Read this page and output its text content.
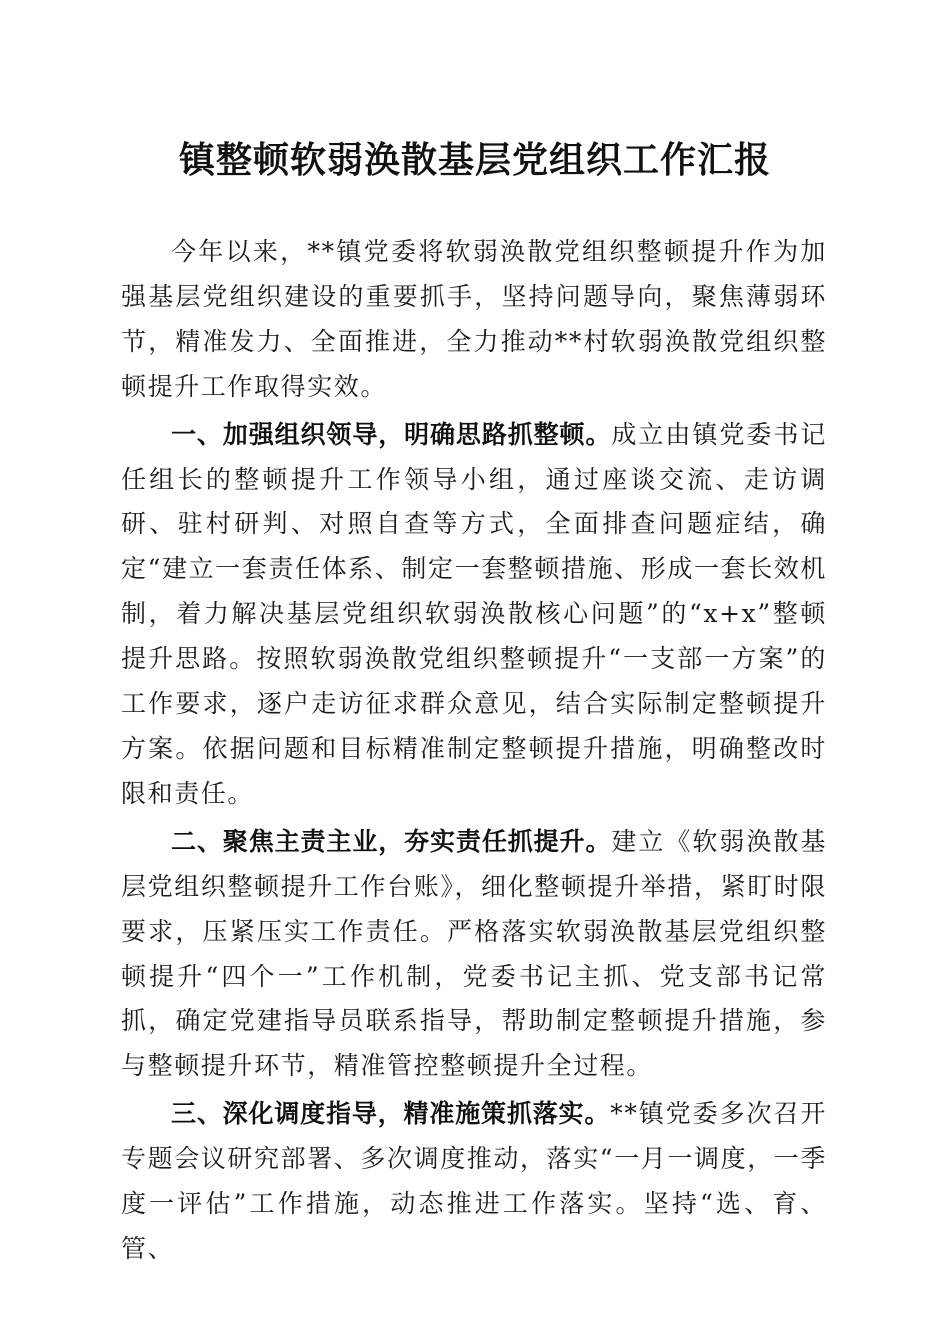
镇整顿软弱涣散基层党组织工作汇报

今年以来，**镇党委将软弱涣散党组织整顿提升作为加强基层党组织建设的重要抓手，坚持问题导向，聚焦薄弱环节，精准发力、全面推进，全力推动**村软弱涣散党组织整顿提升工作取得实效。

一、加强组织领导，明确思路抓整顿。成立由镇党委书记任组长的整顿提升工作领导小组，通过座谈交流、走访调研、驻村研判、对照自查等方式，全面排查问题症结，确定“建立一套责任体系、制定一套整顿措施、形成一套长效机制，着力解决基层党组织软弱涣散核心问题”的“x+x”整顿提升思路。按照软弱涣散党组织整顿提升“一支部一方案”的工作要求，逐户走访征求群众意见，结合实际制定整顿提升方案。依据问题和目标精准制定整顿提升措施，明确整改时限和责任。

二、聚焦主责主业，夯实责任抓提升。建立《软弱涣散基层党组织整顿提升工作台账》，细化整顿提升举措，紧盯时限要求，压紧压实工作责任。严格落实软弱涣散基层党组织整顿提升“四个一”工作机制，党委书记主抓、党支部书记常抓，确定党建指导员联系指导，帮助制定整顿提升措施，参与整顿提升环节，精准管控整顿提升全过程。

三、深化调度指导，精准施策抓落实。**镇党委多次召开专题会议研究部署、多次调度推动，落实“一月一调度，一季度一评估”工作措施，动态推进工作落实。坚持“选、育、管、
